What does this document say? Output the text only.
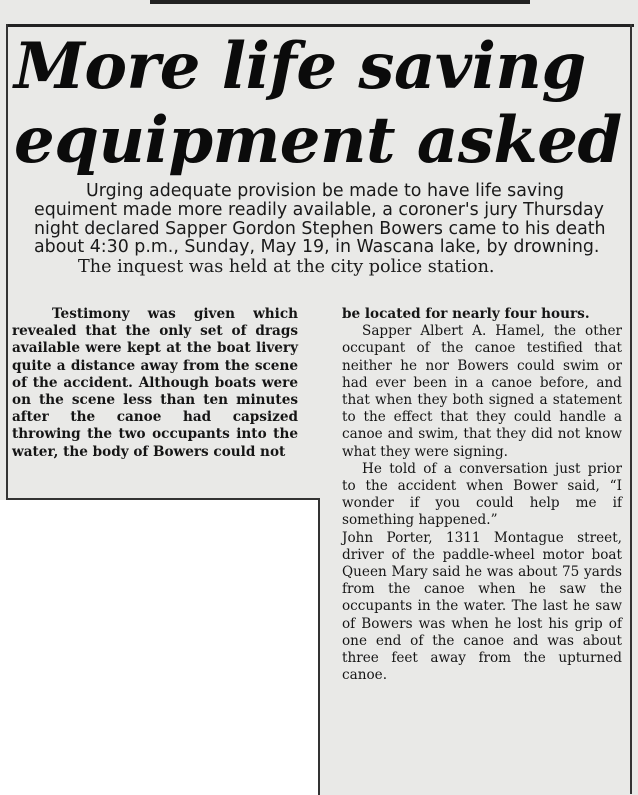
More life saving equipment asked

Urging adequate provision be made to have life saving equiment made more readily available, a coroner's jury Thursday night declared Sapper Gordon Stephen Bowers came to his death about 4:30 p.m., Sunday, May 19, in Wascana lake, by drowning.

The inquest was held at the city police station.

Testimony was given which revealed that the only set of drags available were kept at the boat livery quite a distance away from the scene of the accident. Although boats were on the scene less than ten minutes after the canoe had capsized throwing the two occupants into the water, the body of Bowers could not

be located for nearly four hours.

Sapper Albert A. Hamel, the other occupant of the canoe testified that neither he nor Bowers could swim or had ever been in a canoe before, and that when they both signed a statement to the effect that they could handle a canoe and swim, that they did not know what they were signing.

He told of a conversation just prior to the accident when Bower said, “I wonder if you could help me if something happened.”

John Porter, 1311 Montague street, driver of the paddle-wheel motor boat Queen Mary said he was about 75 yards from the canoe when he saw the occupants in the water. The last he saw of Bowers was when he lost his grip of one end of the canoe and was about three feet away from the upturned canoe.
